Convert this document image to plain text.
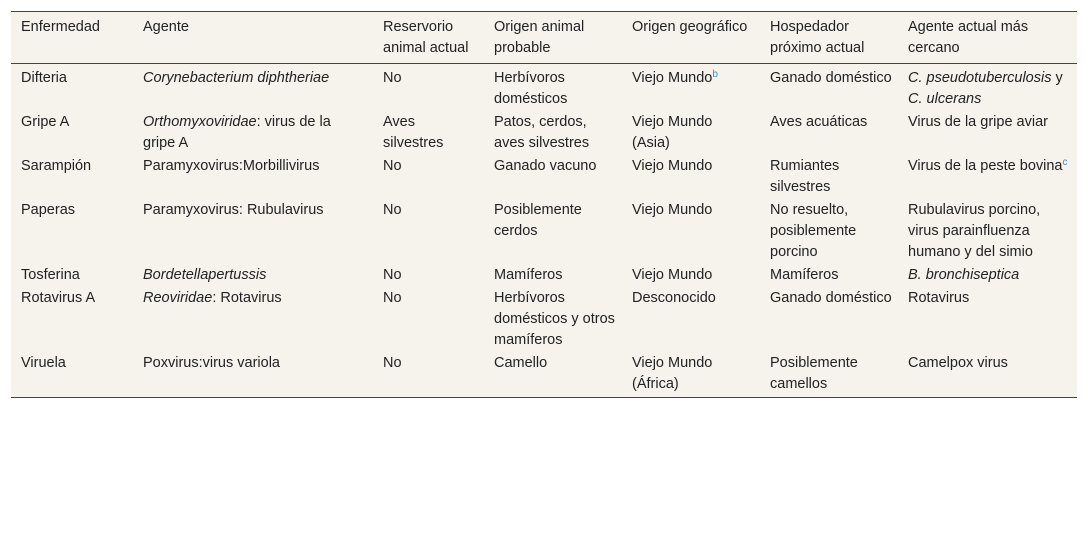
Enfermedad	Agente	Reservorio animal actual	Origen animal probable	Origen geográfico	Hospedador próximo actual	Agente actual más cercano
Difteria	Corynebacterium diphtheriae	No	Herbívoros domésticos	Viejo Mundo$^b$	Ganado doméstico	C. pseudotuberculosis y C. ulcerans
Gripe A	Orthomyxoviridae: virus de la gripe A	Aves silvestres	Patos, cerdos, aves silvestres	Viejo Mundo (Asia)	Aves acuáticas	Virus de la gripe aviar
Sarampión	Paramyxovirus:Morbillivirus	No	Ganado vacuno	Viejo Mundo	Rumiantes silvestres	Virus de la peste bovina$^c$
Paperas	Paramyxovirus: Rubulavirus	No	Posiblemente cerdos	Viejo Mundo	No resuelto, posiblemente porcino	Rubulavirus porcino, virus parainfluenza humano y del simio
Tosferina	Bordetellapertussis	No	Mamíferos	Viejo Mundo	Mamíferos	B. bronchiseptica
Rotavirus A	Reoviridae: Rotavirus	No	Herbívoros domésticos y otros mamíferos	Desconocido	Ganado doméstico	Rotavirus
Viruela	Poxvirus:virus variola	No	Camello	Viejo Mundo (África)	Posiblemente camellos	Camelpox virus
